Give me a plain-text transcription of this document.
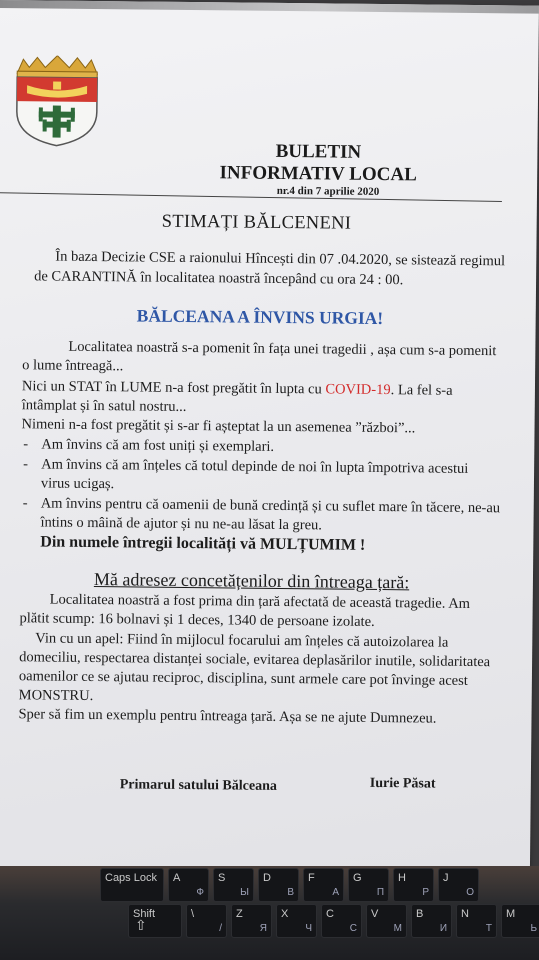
BULETIN
INFORMATIV LOCAL
nr.4 din 7 aprilie 2020
STIMAȚI BĂLCENENI
În baza Decizie CSE a raionului Hîncești din 07 .04.2020, se sistează regimul
de CARANTINĂ în localitatea noastră începând cu ora 24 : 00.
BĂLCEANA A ÎNVINS URGIA!
Localitatea noastră s-a pomenit în fața unei tragedii , așa cum s-a pomenit
o lume întreagă...
Nici un STAT în LUME n-a fost pregătit în lupta cu COVID-19. La fel s-a
întâmplat și în satul nostru...
Nimeni n-a fost pregătit și s-ar fi așteptat la un asemenea ”război”...
- Am învins că am fost uniți și exemplari.
- Am învins că am înțeles că totul depinde de noi în lupta împotriva acestui
virus ucigaș.
- Am învins pentru că oamenii de bună credință și cu suflet mare în tăcere, ne-au
întins o mâină de ajutor și nu ne-au lăsat la greu.
Din numele întregii localități vă MULȚUMIM !
Mă adresez concetățenilor din întreaga țară:
Localitatea noastră a fost prima din țară afectată de această tragedie. Am
plătit scump: 16 bolnavi și 1 deces, 1340 de persoane izolate.
Vin cu un apel: Fiind în mijlocul focarului am înțeles că autoizolarea la
domeciliu, respectarea distanței sociale, evitarea deplasărilor inutile, solidaritatea
oamenilor ce se ajutau reciproc, disciplina, sunt armele care pot învinge acest
MONSTRU.
Sper să fim un exemplu pentru întreaga țară. Așa se ne ajute Dumnezeu.
Primarul satului Bălceana	Iurie Păsat
Caps Lock
Shift
⇧
A
Ф
S
Ы
D
В
F
А
G
П
H
Р
J
О
\
/
Z
Я
X
Ч
C
С
V
М
B
И
N
Т
M
Ь
